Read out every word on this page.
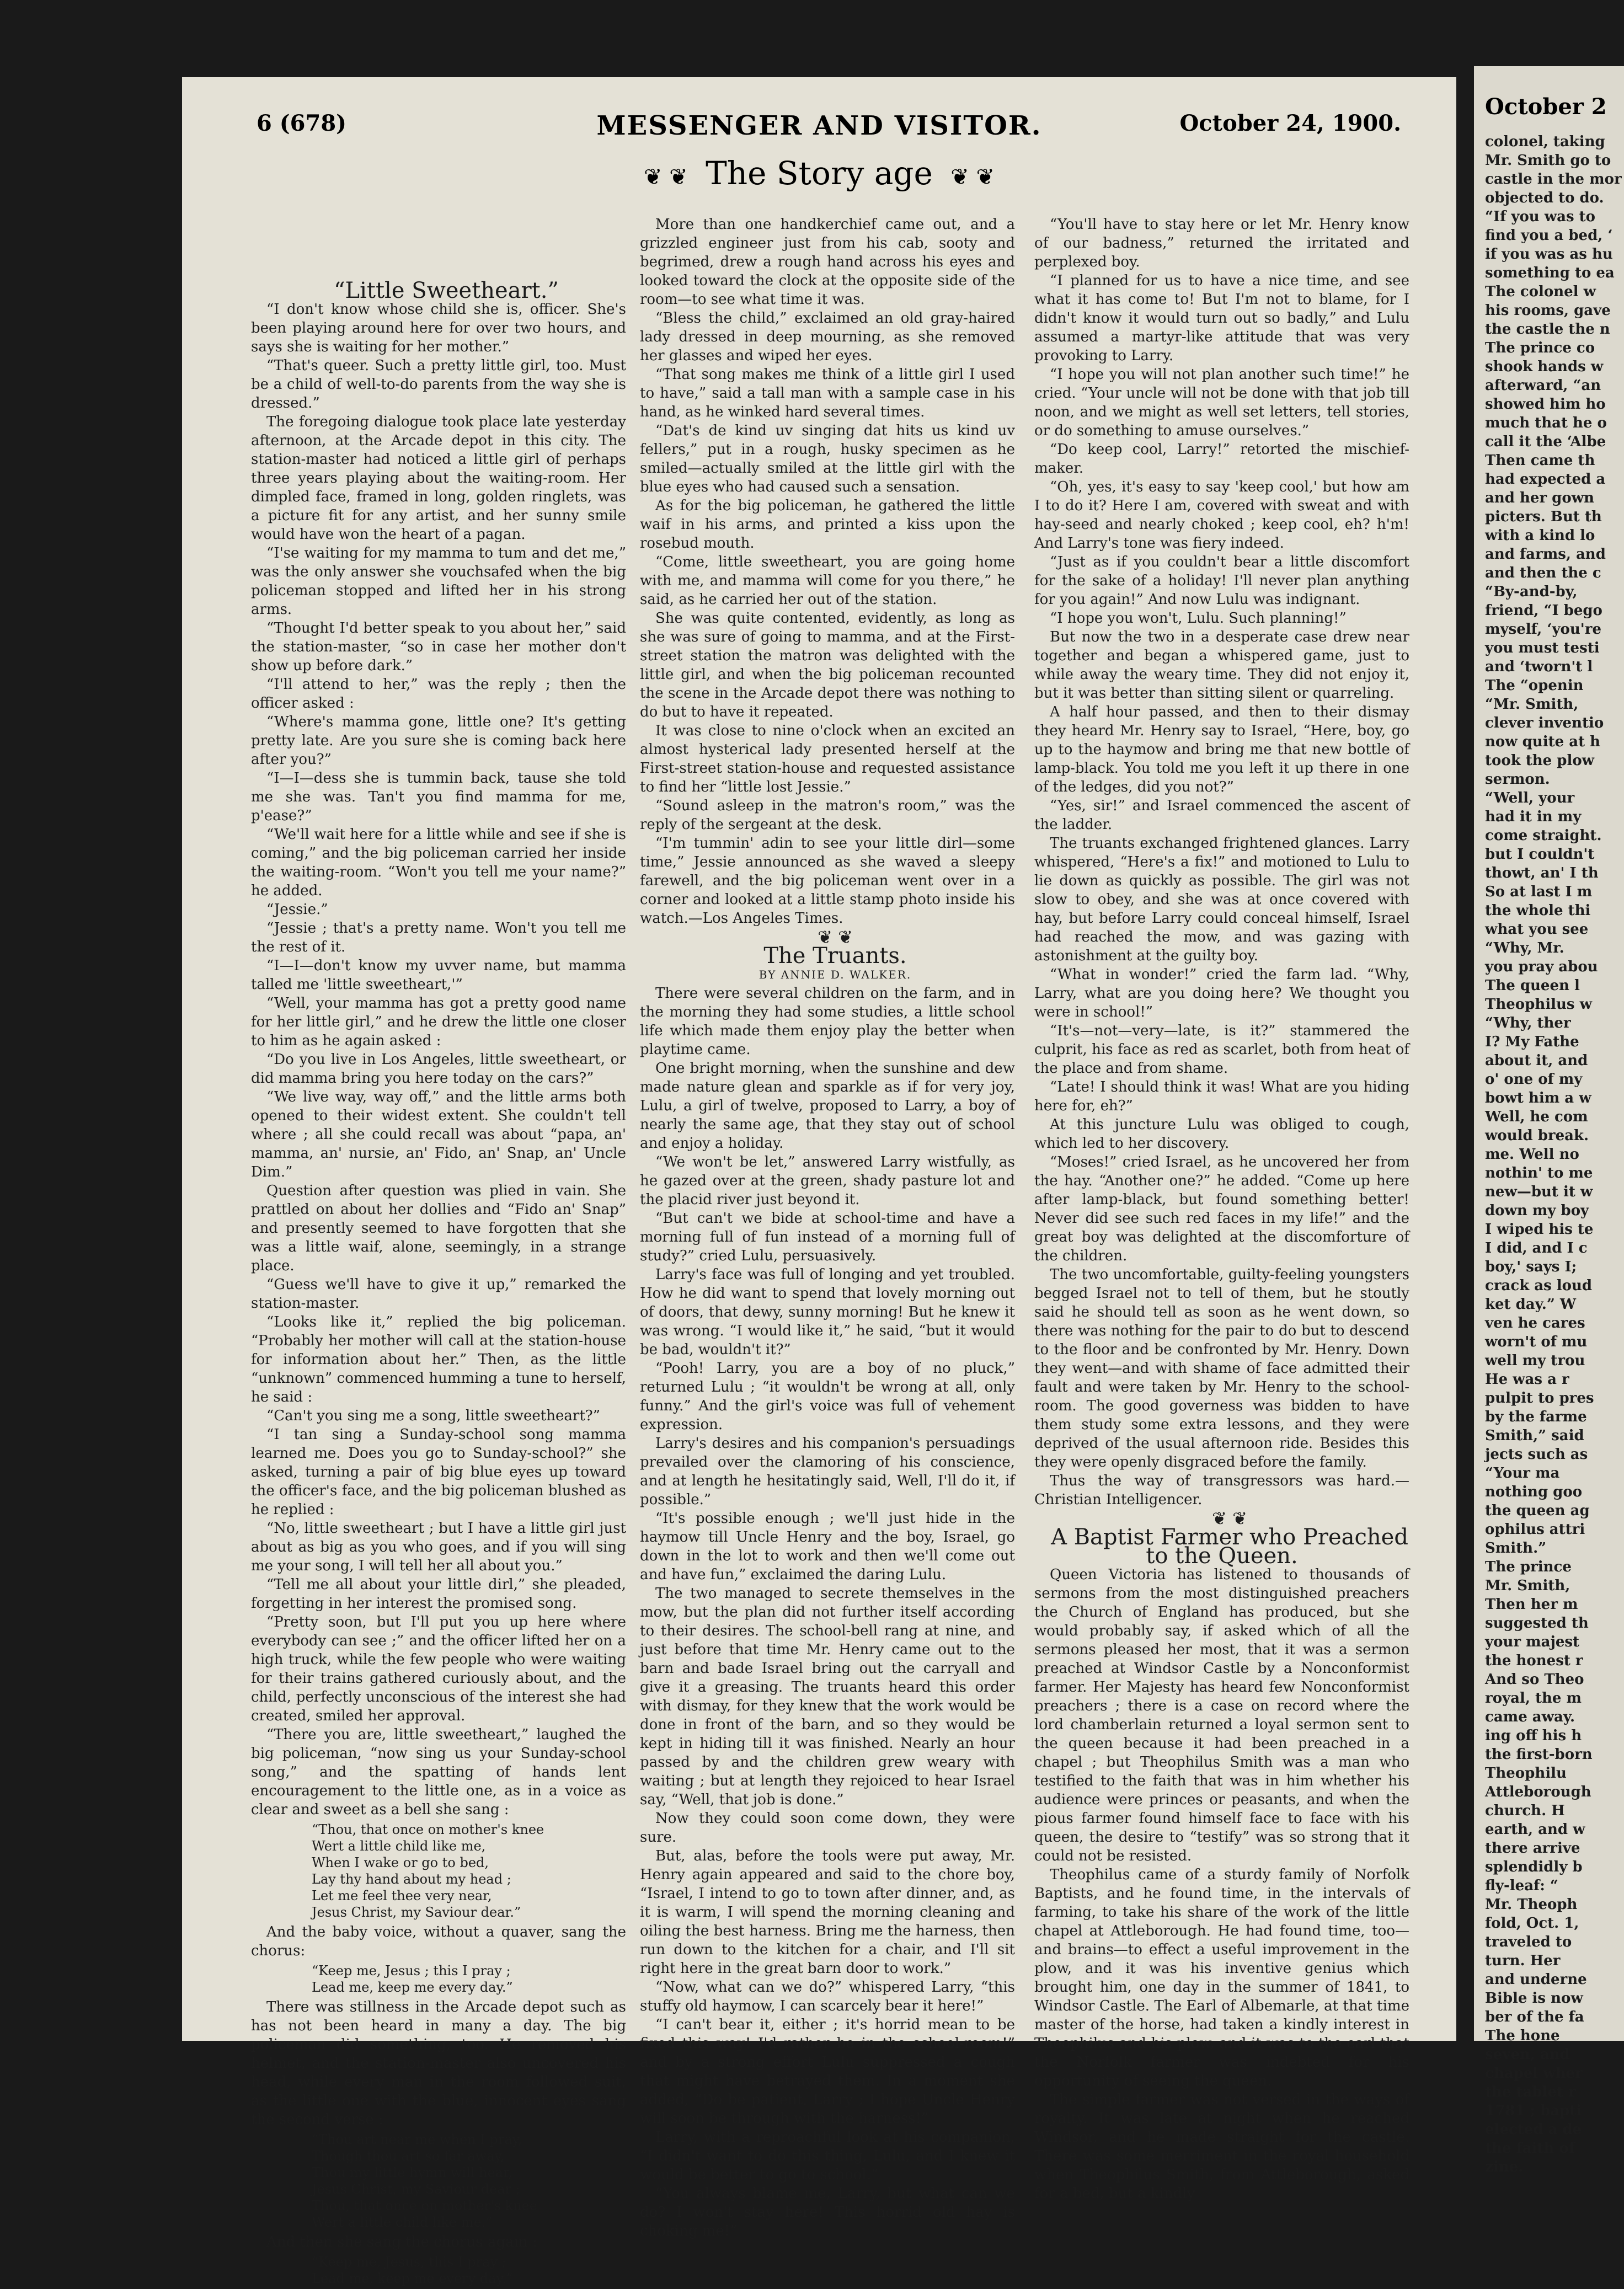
6 (678)	MESSENGER AND VISITOR.	October 24, 1900.
❦ ❦ The Story age ❦ ❦

“Little Sweetheart.”

“I don't know whose child she is, officer. She's been playing around here for over two hours, and says she is waiting for her mother.”

“That's queer. Such a pretty little girl, too. Must be a child of well-to-do parents from the way she is dressed.”

The foregoing dialogue took place late yesterday afternoon, at the Arcade depot in this city. The station-master had noticed a little girl of perhaps three years playing about the waiting-room. Her dimpled face, framed in long, golden ringlets, was a picture fit for any artist, and her sunny smile would have won the heart of a pagan.

“I'se waiting for my mamma to tum and det me,” was the only answer she vouchsafed when the big policeman stopped and lifted her in his strong arms.

“Thought I'd better speak to you about her,” said the station-master, “so in case her mother don't show up before dark.”

“I'll attend to her,” was the reply ; then the officer asked :

“Where's mamma gone, little one? It's getting pretty late. Are you sure she is coming back here after you?”

“I—I—dess she is tummin back, tause she told me she was. Tan't you find mamma for me, p'ease?”

“We'll wait here for a little while and see if she is coming,” and the big policeman carried her inside the waiting-room. “Won't you tell me your name?” he added.

“Jessie.”

“Jessie ; that's a pretty name. Won't you tell me the rest of it.

“I—I—don't know my uvver name, but mamma talled me 'little sweetheart,'”

“Well, your mamma has got a pretty good name for her little girl,” and he drew the little one closer to him as he again asked :

“Do you live in Los Angeles, little sweetheart, or did mamma bring you here today on the cars?”

“We live way, way off,” and the little arms both opened to their widest extent. She couldn't tell where ; all she could recall was about “papa, an' mamma, an' nursie, an' Fido, an' Snap, an' Uncle Dim.”

Question after question was plied in vain. She prattled on about her dollies and “Fido an' Snap” and presently seemed to have forgotten that she was a little waif, alone, seemingly, in a strange place.

“Guess we'll have to give it up,” remarked the station-master.

“Looks like it,” replied the big policeman. “Probably her mother will call at the station-house for information about her.” Then, as the little “unknown” commenced humming a tune to herself, he said :

“Can't you sing me a song, little sweetheart?”

“I tan sing a Sunday-school song mamma learned me. Does you go to Sunday-school?” she asked, turning a pair of big blue eyes up toward the officer's face, and the big policeman blushed as he replied :

“No, little sweetheart ; but I have a little girl just about as big as you who goes, and if you will sing me your song, I will tell her all about you.”

“Tell me all about your little dirl,” she pleaded, forgetting in her interest the promised song.

“Pretty soon, but I'll put you up here where everybody can see ;” and the officer lifted her on a high truck, while the few people who were waiting for their trains gathered curiously about, and the child, perfectly unconscious of the interest she had created, smiled her approval.

“There you are, little sweetheart,” laughed the big policeman, “now sing us your Sunday-school song,” and the spatting of hands lent encouragement to the little one, as in a voice as clear and sweet as a bell she sang :

“Thou, that once on mother's knee
Wert a little child like me,
When I wake or go to bed,
Lay thy hand about my head ;
Let me feel thee very near,
Jesus Christ, my Saviour dear.”

And the baby voice, without a quaver, sang the chorus:

“Keep me, Jesus ; this I pray ;
Lead me, keep me every day.”

There was stillness in the Arcade depot such as has not been heard in many a day. The big policeman did something, too. He removed his helmet, and the station-master also uncovered his head, while every man in the room followed suit, as the little one with the blue, innocent eyes sang the second verse :

“Thou art near me when I pray,
Though thou art so far away,
Thou my little hymn will hear,
Jesus Christ, my Saviour dear ;
Thou, that once on mother's knee
Wert a little child like me.”

And then she sang the chorus again :

“Keep me, Jesus, this I pray ;
Lead me, keep me every day.”

More than one handkerchief came out, and a grizzled engineer just from his cab, sooty and begrimed, drew a rough hand across his eyes and looked toward the clock at the opposite side of the room—to see what time it was.

“Bless the child,” exclaimed an old gray-haired lady dressed in deep mourning, as she removed her glasses and wiped her eyes.

“That song makes me think of a little girl I used to have,” said a tall man with a sample case in his hand, as he winked hard several times.

“Dat's de kind uv singing dat hits us kind uv fellers,” put in a rough, husky specimen as he smiled—actually smiled at the little girl with the blue eyes who had caused such a sensation.

As for the big policeman, he gathered the little waif in his arms, and printed a kiss upon the rosebud mouth.

“Come, little sweetheart, you are going home with me, and mamma will come for you there,” he said, as he carried her out of the station.

She was quite contented, evidently, as long as she was sure of going to mamma, and at the First-street station the matron was delighted with the little girl, and when the big policeman recounted the scene in the Arcade depot there was nothing to do but to have it repeated.

It was close to nine o'clock when an excited an almost hysterical lady presented herself at the First-street station-house and requested assistance to find her “little lost Jessie.”

“Sound asleep in the matron's room,” was the reply of the sergeant at the desk.

“I'm tummin' adin to see your little dirl—some time,” Jessie announced as she waved a sleepy farewell, and the big policeman went over in a corner and looked at a little stamp photo inside his watch.—Los Angeles Times.

❦ ❦

The Truants.

BY ANNIE D. WALKER.

There were several children on the farm, and in the morning they had some studies, a little school life which made them enjoy play the better when playtime came.

One bright morning, when the sunshine and dew made nature glean and sparkle as if for very joy, Lulu, a girl of twelve, proposed to Larry, a boy of nearly the same age, that they stay out of school and enjoy a holiday.

“We won't be let,” answered Larry wistfully, as he gazed over at the green, shady pasture lot and the placid river just beyond it.

“But can't we bide at school-time and have a morning full of fun instead of a morning full of study?” cried Lulu, persuasively.

Larry's face was full of longing and yet troubled. How he did want to spend that lovely morning out of doors, that dewy, sunny morning! But he knew it was wrong. “I would like it,” he said, “but it would be bad, wouldn't it?”

“Pooh! Larry, you are a boy of no pluck,” returned Lulu ; “it wouldn't be wrong at all, only funny.” And the girl's voice was full of vehement expression.

Larry's desires and his companion's persuadings prevailed over the clamoring of his conscience, and at length he hesitatingly said, Well, I'll do it, if possible.”

“It's possible enough ; we'll just hide in the haymow till Uncle Henry and the boy, Israel, go down in the lot to work and then we'll come out and have fun,” exclaimed the daring Lulu.

The two managed to secrete themselves in the mow, but the plan did not further itself according to their desires. The school-bell rang at nine, and just before that time Mr. Henry came out to the barn and bade Israel bring out the carryall and give it a greasing. The truants heard this order with dismay, for they knew that the work would be done in front of the barn, and so they would be kept in hiding till it was finished. Nearly an hour passed by and the children grew weary with waiting ; but at length they rejoiced to hear Israel say, “Well, that job is done.”

Now they could soon come down, they were sure.

But, alas, before the tools were put away, Mr. Henry again appeared and said to the chore boy, “Israel, I intend to go to town after dinner, and, as it is warm, I will spend the morning cleaning and oiling the best harness. Bring me the harness, then run down to the kitchen for a chair, and I'll sit right here in the great barn door to work.”

“Now, what can we do?” whispered Larry, “this stuffy old haymow, I can scarcely bear it here!”

“I can't bear it, either ; it's horrid mean to be fixed this way! I'd rather be in the school-room!” and by a strong effort Lulu suppressed a cough that might have betrayed them. In a moment she added, “Do be patient, Larry ; I hope Uncle Henry will soon be through with the harness!”

Larry, with a reproachful look at his companion, “I didn't want to do this thing, Lulu, and I knew it would be better to go to school.”

“You always blame me, Larry, but what can we do? I won't stay here! This horrid old hay is choking me!”

“You'll have to stay here or let Mr. Henry know of our badness,” returned the irritated and perplexed boy.

“I planned for us to have a nice time, and see what it has come to! But I'm not to blame, for I didn't know it would turn out so badly,” and Lulu assumed a martyr-like attitude that was very provoking to Larry.

“I hope you will not plan another such time!” he cried. “Your uncle will not be done with that job till noon, and we might as well set letters, tell stories, or do something to amuse ourselves.”

“Do keep cool, Larry!” retorted the mischief-maker.

“Oh, yes, it's easy to say 'keep cool,' but how am I to do it? Here I am, covered with sweat and with hay-seed and nearly choked ; keep cool, eh? h'm! And Larry's tone was fiery indeed.

“Just as if you couldn't bear a little discomfort for the sake of a holiday! I'll never plan anything for you again!” And now Lulu was indignant.

“I hope you won't, Lulu. Such planning!”

But now the two in a desperate case drew near together and began a whispered game, just to while away the weary time. They did not enjoy it, but it was better than sitting silent or quarreling.

A half hour passed, and then to their dismay they heard Mr. Henry say to Israel, “Here, boy, go up to the haymow and bring me that new bottle of lamp-black. You told me you left it up there in one of the ledges, did you not?”

“Yes, sir!” and Israel commenced the ascent of the ladder.

The truants exchanged frightened glances. Larry whispered, “Here's a fix!” and motioned to Lulu to lie down as quickly as possible. The girl was not slow to obey, and she was at once covered with hay, but before Larry could conceal himself, Israel had reached the mow, and was gazing with astonishment at the guilty boy.

“What in wonder!” cried the farm lad. “Why, Larry, what are you doing here? We thought you were in school!”

“It's—not—very—late, is it?” stammered the culprit, his face as red as scarlet, both from heat of the place and from shame.

“Late! I should think it was! What are you hiding here for, eh?”

At this juncture Lulu was obliged to cough, which led to her discovery.

“Moses!” cried Israel, as he uncovered her from the hay. “Another one?” he added. “Come up here after lamp-black, but found something better! Never did see such red faces in my life!” and the great boy was delighted at the discomforture of the children.

The two uncomfortable, guilty-feeling youngsters begged Israel not to tell of them, but he stoutly said he should tell as soon as he went down, so there was nothing for the pair to do but to descend to the floor and be confronted by Mr. Henry. Down they went—and with shame of face admitted their fault and were taken by Mr. Henry to the school-room. The good governess was bidden to have them study some extra lessons, and they were deprived of the usual afternoon ride. Besides this they were openly disgraced before the family.

Thus the way of transgressors was hard.—Christian Intelligencer.

❦ ❦

A Baptist Farmer who Preached to the Queen.

Queen Victoria has listened to thousands of sermons from the most distinguished preachers the Church of England has produced, but she would probably say, if asked which of all the sermons pleased her most, that it was a sermon preached at Windsor Castle by a Nonconformist farmer. Her Majesty has heard few Nonconformist preachers ; there is a case on record where the lord chamberlain returned a loyal sermon sent to the queen because it had been preached in a chapel ; but Theophilus Smith was a man who testified to the faith that was in him whether his audience were princes or peasants, and when the pious farmer found himself face to face with his queen, the desire to “testify” was so strong that it could not be resisted.

Theophilus came of a sturdy family of Norfolk Baptists, and he found time, in the intervals of farming, to take his share of the work of the little chapel at Attleborough. He had found time, too—and brains—to effect a useful improvement in the plow, and it was his inventive genius which brought him, one day in the summer of 1841, to Windsor Castle. The Earl of Albemarle, at that time master of the horse, had taken a kindly interest in Theophilus and his plow, and it was to the earl that the Norfolk farmer was indebted for his opportunity of seeing the queen.

The simple farmer was not versed in the ways of royalty. It was late at night when he reached Windsor, and he made straight for the castle. There was some merriment in the royal household when Theophilus Smith, from Attleborough, asked for a bed, but a kindly

October 2
colonel, taking
Mr. Smith go to
castle in the mor
objected to do.
“If you was to
find you a bed, ‘
if you was as hu
something to ea
The colonel w
his rooms, gave
the castle the n
The prince co
shook hands w
afterward, “an
showed him ho
much that he o
call it the ‘Albe
Then came th
had expected a
and her gown
picters. But th
with a kind lo
and farms, and
and then the c
“By-and-by,
friend, “I bego
myself, ‘you're
you must testi
and ‘tworn't l
The “openin
“Mr. Smith,
clever inventio
now quite at h
took the plow
sermon.
“Well, your
had it in my
come straight.
but I couldn't
thowt, an' I th
So at last I m
the whole thi
what you see
“Why, Mr.
you pray abou
The queen l
Theophilus w
“Why, ther
I? My Fathe
about it, and
o' one of my
bowt him a w
Well, he com
would break.
me. Well no
nothin' to me
new—but it w
down my boy
I wiped his te
I did, and I c
boy,' says I;
crack as loud
ket day.” W
ven he cares
worn't of mu
well my trou
He was a r
pulpit to pres
by the farme
Smith,” said
jects such as
“Your ma
nothing goo
the queen ag
ophilus attri
Smith.”
The prince
Mr. Smith,
Then her m
suggested th
your majest
the honest r
And so Theo
royal, the m
came away.
ing off his h
the first-born
Theophilu
Attleborough
church. H
earth, and w
there arrive
splendidly b
fly-leaf: “
Mr. Theoph
fold, Oct. 1,
traveled to
turn. Her
and underne
Bible is now
ber of the fa
The hone
seven, and
chapel wher
the tablet r
1781 ; bapti
elected a de
the faith of
zine.
